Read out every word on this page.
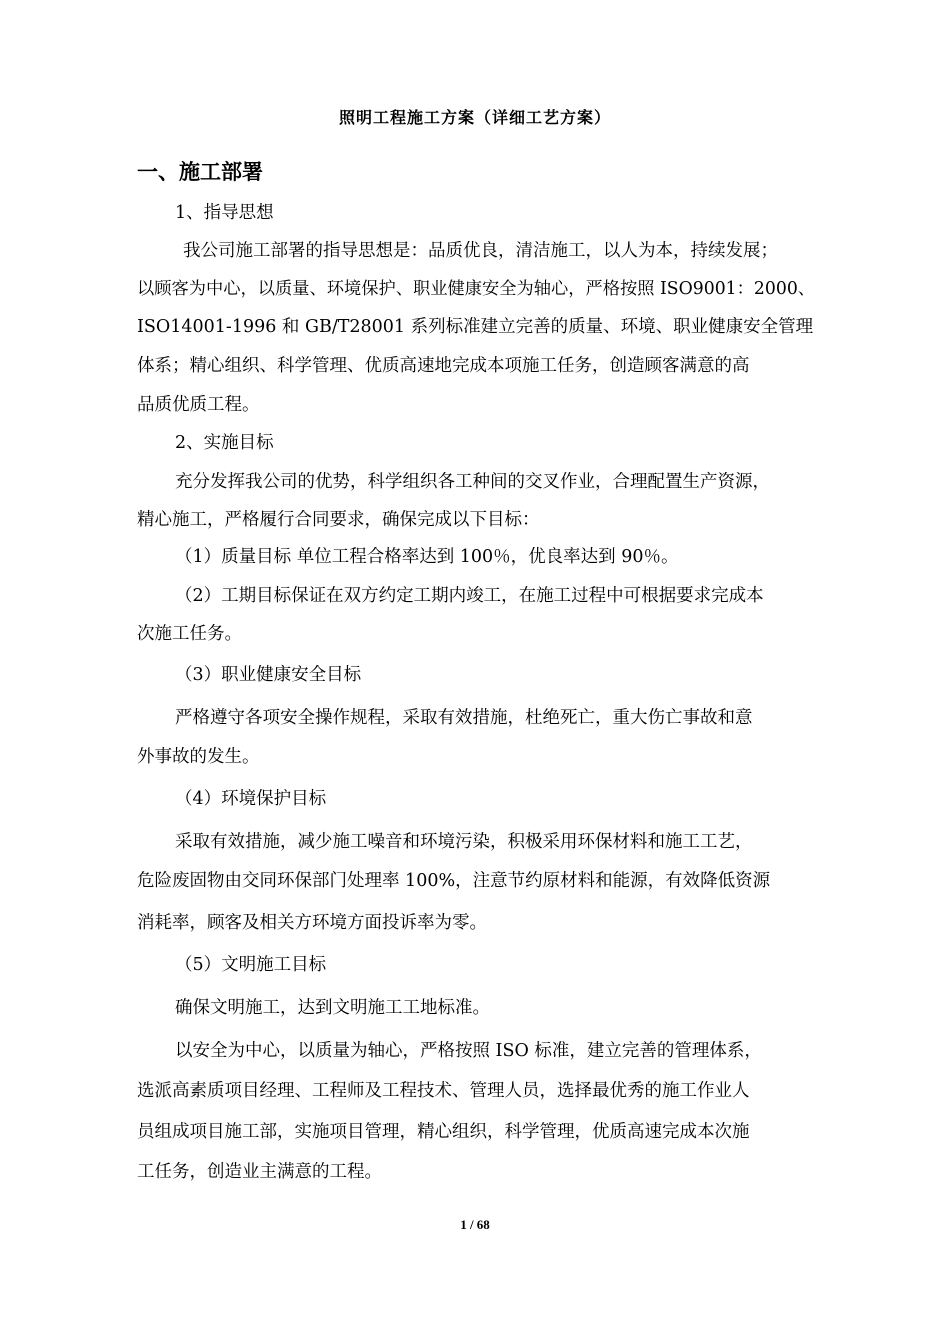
照明工程施工方案（详细工艺方案）
一、施工部署
1、指导思想
我公司施工部署的指导思想是：品质优良，清洁施工，以人为本，持续发展；
以顾客为中心，以质量、环境保护、职业健康安全为轴心，严格按照 ISO9001：2000、
ISO14001-1996 和 GB/T28001 系列标准建立完善的质量、环境、职业健康安全管理
体系；精心组织、科学管理、优质高速地完成本项施工任务，创造顾客满意的高
品质优质工程。
2、实施目标
充分发挥我公司的优势，科学组织各工种间的交叉作业，合理配置生产资源，
精心施工，严格履行合同要求，确保完成以下目标：
（1）质量目标 单位工程合格率达到 100％，优良率达到 90％。
（2）工期目标保证在双方约定工期内竣工，在施工过程中可根据要求完成本
次施工任务。
（3）职业健康安全目标
严格遵守各项安全操作规程，采取有效措施，杜绝死亡，重大伤亡事故和意
外事故的发生。
（4）环境保护目标
采取有效措施，减少施工噪音和环境污染，积极采用环保材料和施工工艺，
危险废固物由交同环保部门处理率 100%，注意节约原材料和能源，有效降低资源
消耗率，顾客及相关方环境方面投诉率为零。
（5）文明施工目标
确保文明施工，达到文明施工工地标准。
以安全为中心，以质量为轴心，严格按照 ISO 标准，建立完善的管理体系，
选派高素质项目经理、工程师及工程技术、管理人员，选择最优秀的施工作业人
员组成项目施工部，实施项目管理，精心组织，科学管理，优质高速完成本次施
工任务，创造业主满意的工程。
1 / 68
